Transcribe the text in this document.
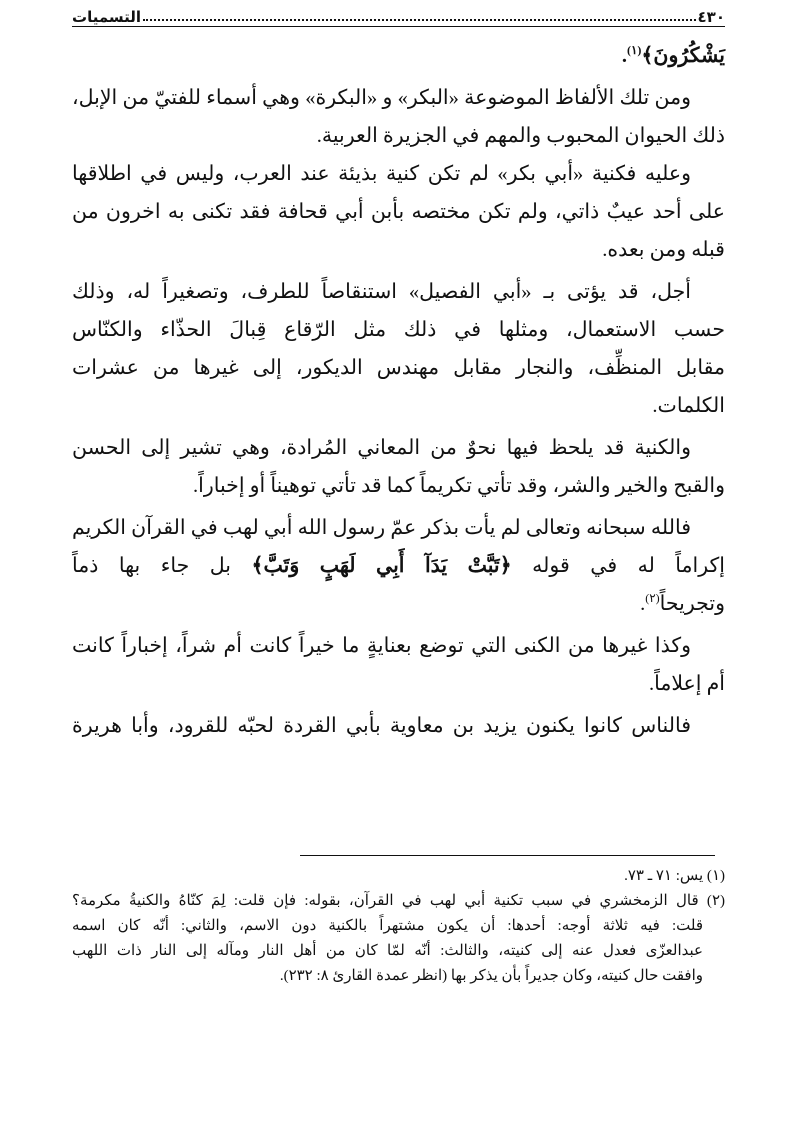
٤٣٠
التسميات
يَشْكُرُونَ﴾$^{(١)}$.
ومن تلك الألفاظ الموضوعة «البكر» و «البكرة» وهي أسماء للفتيّ من الإبل،
ذلك الحيوان المحبوب والمهم في الجزيرة العربية.
وعليه فكنية «أبي بكر» لم تكن كنية بذيئة عند العرب، وليس في اطلاقها
على أحد عيبٌ ذاتي، ولم تكن مختصه بأبن أبي قحافة فقد تكنى به اخرون من
قبله ومن بعده.
أجل، قد يؤتى بـ «أبي الفصيل» استنقاصاً للطرف، وتصغيراً له، وذلك
حسب الاستعمال، ومثلها في ذلك مثل الرّقاع قِبالَ الحذّاء والكنّاس
مقابل المنظِّف، والنجار مقابل مهندس الديكور، إلى غيرها من عشرات
الكلمات.
والكنية قد يلحظ فيها نحوٌ من المعاني المُرادة، وهي تشير إلى الحسن
والقبح والخير والشر، وقد تأتي تكريماً كما قد تأتي توهيناً أو إخباراً.
فالله سبحانه وتعالى لم يأت بذكر عمّ رسول الله أبي لهب في القرآن الكريم
إكراماً له في قوله ﴿تَبَّتْ يَدَآ أَبِي لَهَبٍ وَتَبَّ﴾ بل جاء بها ذماً
وتجريحاً$^{(٢)}$.
وكذا غيرها من الكنى التي توضع بعنايةٍ ما خيراً كانت أم شراً، إخباراً كانت
أم إعلاماً.
فالناس كانوا يكنون يزيد بن معاوية بأبي القردة لحبّه للقرود، وأبا هريرة
(١) يس: ٧١ ـ ٧٣.
(٢) قال الزمخشري في سبب تكنية أبي لهب في القرآن، بقوله: فإن قلت: لِمَ كنّاهُ والكنيةُ مكرمة؟
قلت: فيه ثلاثة أوجه: أحدها: أن يكون مشتهراً بالكنية دون الاسم، والثاني: أنّه كان اسمه
عبدالعزّى فعدل عنه إلى كنيته، والثالث: أنّه لمّا كان من أهل النار ومآله إلى النار ذات اللهب
وافقت حال كنيته، وكان جديراً بأن يذكر بها (انظر عمدة القارئ ٨: ٢٣٢).
